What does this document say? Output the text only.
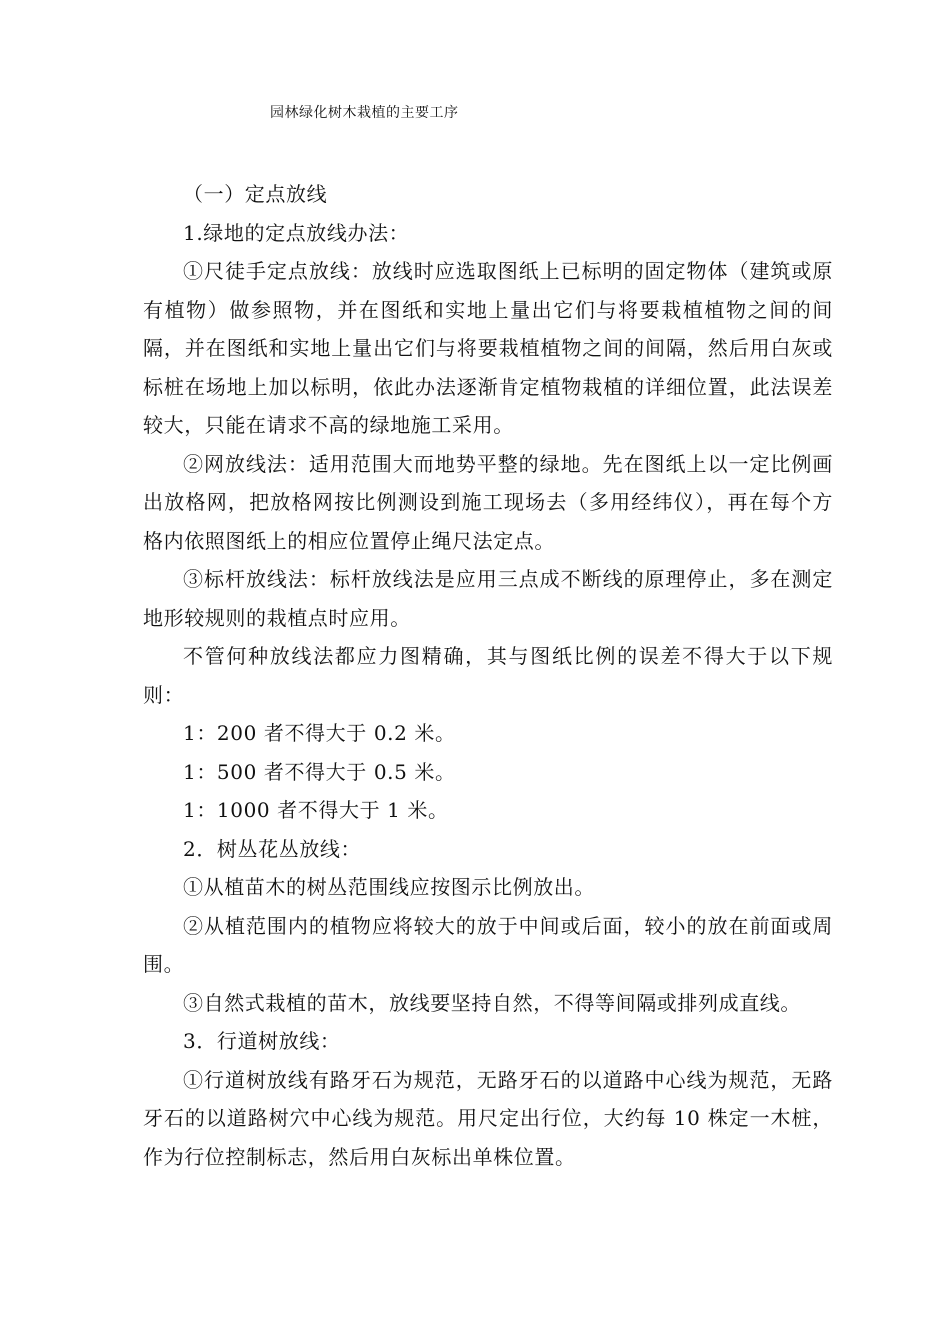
园林绿化树木栽植的主要工序

（一）定点放线

1.绿地的定点放线办法：

①尺徒手定点放线：放线时应选取图纸上已标明的固定物体（建筑或原有植物）做参照物，并在图纸和实地上量出它们与将要栽植植物之间的间隔，并在图纸和实地上量出它们与将要栽植植物之间的间隔，然后用白灰或标桩在场地上加以标明，依此办法逐渐肯定植物栽植的详细位置，此法误差较大，只能在请求不高的绿地施工采用。

②网放线法：适用范围大而地势平整的绿地。先在图纸上以一定比例画出放格网，把放格网按比例测设到施工现场去（多用经纬仪），再在每个方格内依照图纸上的相应位置停止绳尺法定点。

③标杆放线法：标杆放线法是应用三点成不断线的原理停止，多在测定地形较规则的栽植点时应用。

不管何种放线法都应力图精确，其与图纸比例的误差不得大于以下规则：

1：200 者不得大于 0.2 米。

1：500 者不得大于 0.5 米。

1：1000 者不得大于 1 米。

2．树丛花丛放线：

①从植苗木的树丛范围线应按图示比例放出。

②从植范围内的植物应将较大的放于中间或后面，较小的放在前面或周围。

③自然式栽植的苗木，放线要坚持自然，不得等间隔或排列成直线。

3．行道树放线：

①行道树放线有路牙石为规范，无路牙石的以道路中心线为规范，无路牙石的以道路树穴中心线为规范。用尺定出行位，大约每 10 株定一木桩，作为行位控制标志，然后用白灰标出单株位置。
